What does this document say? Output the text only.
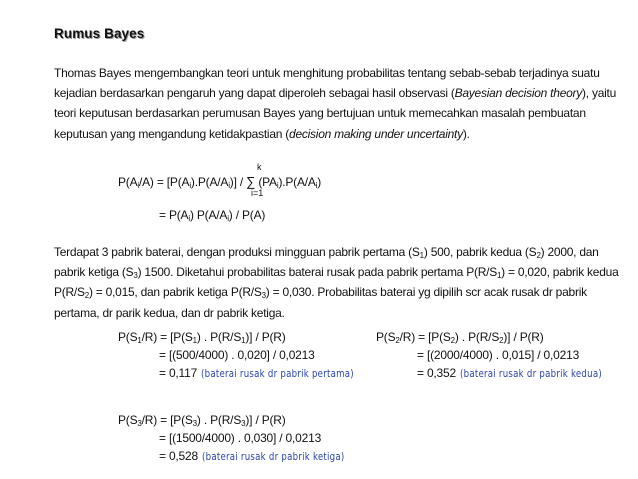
Rumus Bayes
Thomas Bayes mengembangkan teori untuk menghitung probabilitas tentang sebab-sebab terjadinya suatu kejadian berdasarkan pengaruh yang dapat diperoleh sebagai hasil observasi (Bayesian decision theory), yaitu teori keputusan berdasarkan perumusan Bayes yang bertujuan untuk memecahkan masalah pembuatan keputusan yang mengandung ketidakpastian (decision making under uncertainty).
k
i=1
$P(A_i/A) = [P(A_i).P(A/A_i)]$ / ∑ $(PA_i).P(A/A_i)$
= $P(A_i)$ $P(A/A_i) / P(A)$
Terdapat 3 pabrik baterai, dengan produksi mingguan pabrik pertama $(S_1)$ 500, pabrik kedua $(S_2)$ 2000, dan pabrik ketiga $(S_3)$ 1500. Diketahui probabilitas baterai rusak pada pabrik pertama $P(R/S_1) = 0,020$, pabrik kedua $P(R/S_2) = 0,015$, dan pabrik ketiga $P(R/S_3) = 0,030$. Probabilitas baterai yg dipilih scr acak rusak dr pabrik pertama, dr parik kedua, dan dr pabrik ketiga.
$P(S_1/R) = [P(S_1)$ . $P(R/S_1)] / P(R)$
= [(500/4000) . 0,020] / 0,0213
= 0,117 (baterai rusak dr pabrik pertama)
$P(S_2/R) = [P(S_2)$ . $P(R/S_2)] / P(R)$
= [(2000/4000) . 0,015] / 0,0213
= 0,352 (baterai rusak dr pabrik kedua)
$P(S_3/R) = [P(S_3)$ . $P(R/S_3)] / P(R)$
= [(1500/4000) . 0,030] / 0,0213
= 0,528 (baterai rusak dr pabrik ketiga)
